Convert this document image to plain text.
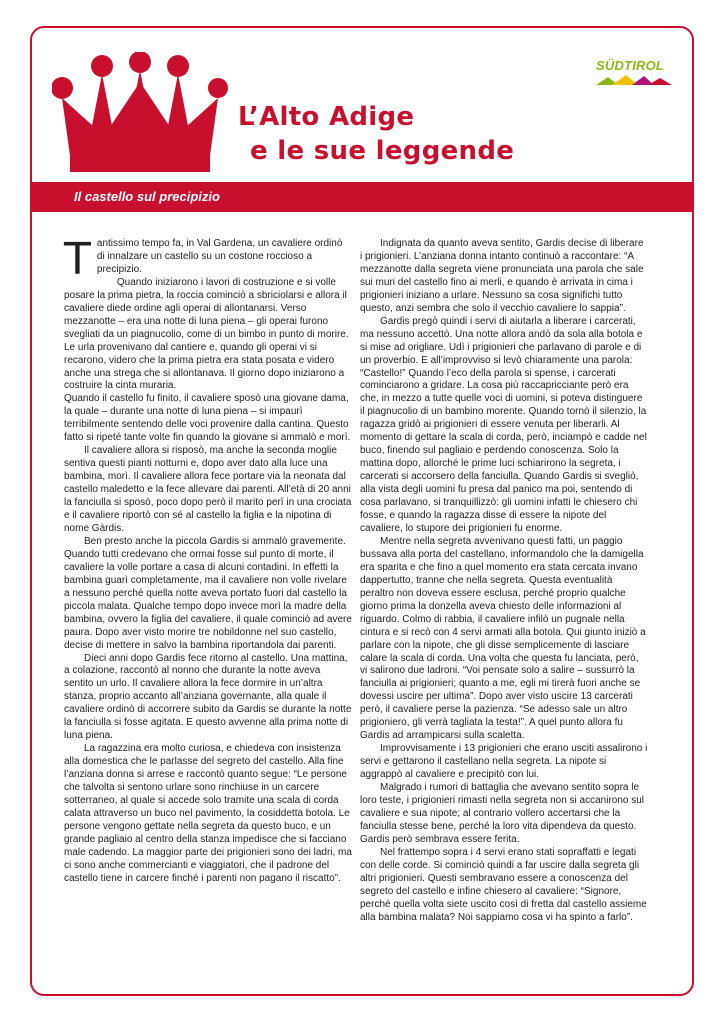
L’Alto Adige
e le sue leggende
SÜDTIROL
Il castello sul precipizio

Tantissimo tempo fa, in Val Gardena, un cavaliere ordinò di innalzare un castello su un costone roccioso a precipizio.

Quando iniziarono i lavori di costruzione e si volle posare la prima pietra, la roccia cominciò a sbriciolarsi e allora il cavaliere diede ordine agli operai di allontanarsi. Verso mezzanotte – era una notte di luna piena – gli operai furono svegliati da un piagnucolio, come di un bimbo in punto di morire. Le urla provenivano dal cantiere e, quando gli operai vi si recarono, videro che la prima pietra era stata posata e videro anche una strega che si allontanava. Il giorno dopo iniziarono a costruire la cinta muraria.

Quando il castello fu finito, il cavaliere sposò una giovane dama, la quale – durante una notte di luna piena – si impaurì terribilmente sentendo delle voci provenire dalla cantina. Questo fatto si ripeté tante volte fin quando la giovane si ammalò e morì.

Il cavaliere allora si risposò, ma anche la seconda moglie sentiva questi pianti notturni e, dopo aver dato alla luce una bambina, morì. Il cavaliere allora fece portare via la neonata dal castello maledetto e la fece allevare dai parenti. All’età di 20 anni la fanciulla si sposò, poco dopo però il marito perì in una crociata e il cavaliere riportò con sé al castello la figlia e la nipotina di nome Gàrdis.

Ben presto anche la piccola Gardis si ammalò gravemente. Quando tutti credevano che ormai fosse sul punto di morte, il cavaliere la volle portare a casa di alcuni contadini. In effetti la bambina guarì completamente, ma il cavaliere non volle rivelare a nessuno perché quella notte aveva portato fuori dal castello la piccola malata. Qualche tempo dopo invece morì la madre della bambina, ovvero la figlia del cavaliere, il quale cominciò ad avere paura. Dopo aver visto morire tre nobildonne nel suo castello, decise di mettere in salvo la bambina riportandola dai parenti.

Dieci anni dopo Gardis fece ritorno al castello. Una mattina, a colazione, raccontò al nonno che durante la notte aveva sentito un urlo. Il cavaliere allora la fece dormire in un’altra stanza, proprio accanto all’anziana governante, alla quale il cavaliere ordinò di accorrere subito da Gardis se durante la notte la fanciulla si fosse agitata. E questo avvenne alla prima notte di luna piena.

La ragazzina era molto curiosa, e chiedeva con insistenza alla domestica che le parlasse del segreto del castello. Alla fine l’anziana donna si arrese e raccontò quanto segue: “Le persone che talvolta si sentono urlare sono rinchiuse in un carcere sotterraneo, al quale si accede solo tramite una scala di corda calata attraverso un buco nel pavimento, la cosiddetta botola. Le persone vengono gettate nella segreta da questo buco, e un grande pagliaio al centro della stanza impedisce che si facciano male cadendo. La maggior parte dei prigionieri sono dei ladri, ma ci sono anche commercianti e viaggiatori, che il padrone del castello tiene in carcere finché i parenti non pagano il riscatto”.

Indignata da quanto aveva sentito, Gardis decise di liberare i prigionieri. L’anziana donna intanto continuò a raccontare: “A mezzanotte dalla segreta viene pronunciata una parola che sale sui muri del castello fino ai merli, e quando è arrivata in cima i prigionieri iniziano a urlare. Nessuno sa cosa significhi tutto questo, anzi sembra che solo il vecchio cavaliere lo sappia”.

Gardis pregò quindi i servi di aiutarla a liberare i carcerati, ma nessuno accettò. Una notte allora andò da sola alla botola e si mise ad origliare. Udì i prigionieri che parlavano di parole e di un proverbio. E all’improvviso si levò chiaramente una parola: “Castello!” Quando l’eco della parola si spense, i carcerati cominciarono a gridare. La cosa più raccapricciante però era che, in mezzo a tutte quelle voci di uomini, si poteva distinguere il piagnucolio di un bambino morente. Quando tornò il silenzio, la ragazza gridò ai prigionieri di essere venuta per liberarli. Al momento di gettare la scala di corda, però, inciampò e cadde nel buco, finendo sul pagliaio e perdendo conoscenza. Solo la mattina dopo, allorché le prime luci schiarirono la segreta, i carcerati si accorsero della fanciulla. Quando Gardis si svegliò, alla vista degli uomini fu presa dal panico ma poi, sentendo di cosa parlavano, si tranquillizzò: gli uomini infatti le chiesero chi fosse, e quando la ragazza disse di essere la nipote del cavaliere, lo stupore dei prigionieri fu enorme.

Mentre nella segreta avvenivano questi fatti, un paggio bussava alla porta del castellano, informandolo che la damigella era sparita e che fino a quel momento era stata cercata invano dappertutto, tranne che nella segreta. Questa eventualità peraltro non doveva essere esclusa, perché proprio qualche giorno prima la donzella aveva chiesto delle informazioni al riguardo. Colmo di rabbia, il cavaliere infilò un pugnale nella cintura e si recò con 4 servi armati alla botola. Qui giunto iniziò a parlare con la nipote, che gli disse semplicemente di lasciare calare la scala di corda. Una volta che questa fu lanciata, però, vi salirono due ladroni. “Voi pensate solo a salire – sussurrò la fanciulla ai prigionieri; quanto a me, egli mi tirerà fuori anche se dovessi uscire per ultima”. Dopo aver visto uscire 13 carcerati però, il cavaliere perse la pazienza. “Se adesso sale un altro prigioniero, gli verrà tagliata la testa!”. A quel punto allora fu Gardis ad arrampicarsi sulla scaletta.

Improvvisamente i 13 prigionieri che erano usciti assalirono i servi e gettarono il castellano nella segreta. La nipote si aggrappò al cavaliere e precipitò con lui.

Malgrado i rumori di battaglia che avevano sentito sopra le loro teste, i prigionieri rimasti nella segreta non si accanirono sul cavaliere e sua nipote; al contrario vollero accertarsi che la fanciulla stesse bene, perché la loro vita dipendeva da questo. Gardis però sembrava essere ferita.

Nel frattempo sopra i 4 servi erano stati sopraffatti e legati con delle corde. Si cominciò quindi a far uscire dalla segreta gli altri prigionieri. Questi sembravano essere a conoscenza del segreto del castello e infine chiesero al cavaliere: “Signore, perché quella volta siete uscito così di fretta dal castello assieme alla bambina malata? Noi sappiamo cosa vi ha spinto a farlo”.
